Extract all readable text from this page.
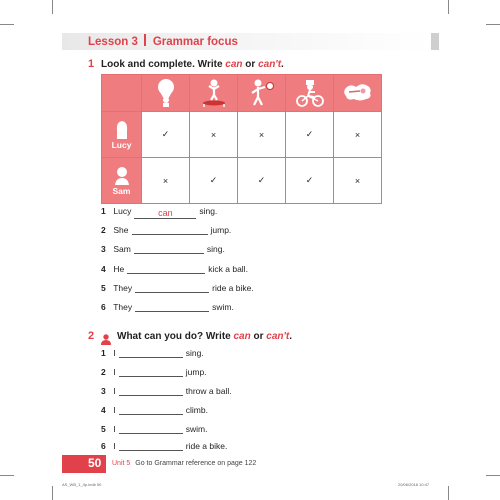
Lesson 3 Grammar focus
1 Look and complete. Write can or can't.

Lucy	✓	×	×	✓	×

Sam	×	✓	✓	✓	×
1 Lucy	can	sing.
2 She	jump.
3 Sam	sing.
4 He	kick a ball.
5 They	ride a bike.
6 They	swim.
2 What can you do? Write can or can't.
1 I	sing.
2 I	jump.
3 I	throw a ball.
4 I	climb.
5 I	swim.
6 I	ride a bike.
50 Unit 5 Go to Grammar reference on page 122
AS_WB_1_4p.indb 50	20/06/2018 10:47
